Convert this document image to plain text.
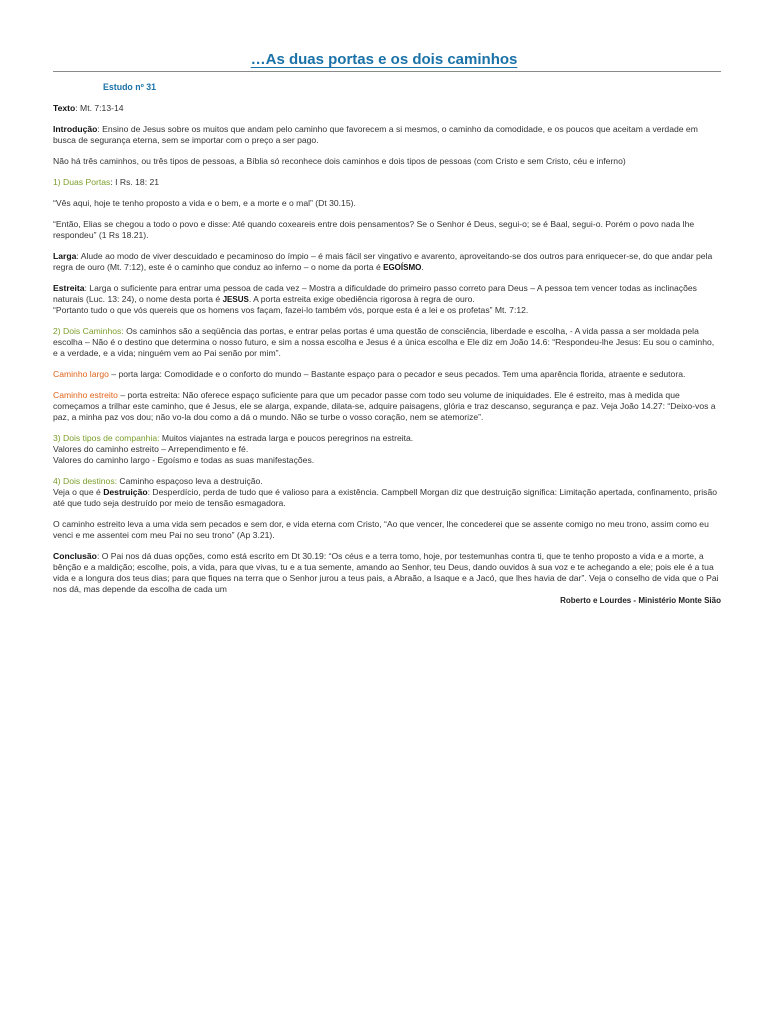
…As duas portas e os dois caminhos

Estudo nº 31

Texto: Mt. 7:13-14

Introdução: Ensino de Jesus sobre os muitos que andam pelo caminho que favorecem a si mesmos, o caminho da comodidade, e os poucos que aceitam a verdade em busca de segurança eterna, sem se importar com o preço a ser pago.

Não há três caminhos, ou três tipos de pessoas, a Bíblia só reconhece dois caminhos e dois tipos de pessoas (com Cristo e sem Cristo, céu e inferno)

1) Duas Portas: I Rs. 18: 21

“Vês aqui, hoje te tenho proposto a vida e o bem, e a morte e o mal” (Dt 30.15).

“Então, Elias se chegou a todo o povo e disse: Até quando coxeareis entre dois pensamentos? Se o Senhor é Deus, segui-o; se é Baal, segui-o. Porém o povo nada lhe respondeu” (1 Rs 18.21).

Larga: Alude ao modo de viver descuidado e pecaminoso do ímpio – é mais fácil ser vingativo e avarento, aproveitando-se dos outros para enriquecer-se, do que andar pela regra de ouro (Mt. 7:12), este é o caminho que conduz ao inferno – o nome da porta é EGOÍSMO.

Estreita: Larga o suficiente para entrar uma pessoa de cada vez – Mostra a dificuldade do primeiro passo correto para Deus – A pessoa tem vencer todas as inclinações naturais (Luc. 13: 24), o nome desta porta é JESUS. A porta estreita exige obediência rigorosa à regra de ouro.
“Portanto tudo o que vós quereis que os homens vos façam, fazei-lo também vós, porque esta é a lei e os profetas” Mt. 7:12.

2) Dois Caminhos: Os caminhos são a seqüência das portas, e entrar pelas portas é uma questão de consciência, liberdade e escolha, - A vida passa a ser moldada pela escolha – Não é o destino que determina o nosso futuro, e sim a nossa escolha e Jesus é a única escolha e Ele diz em João 14.6: “Respondeu-lhe Jesus: Eu sou o caminho, e a verdade, e a vida; ninguém vem ao Pai senão por mim”.

Caminho largo – porta larga: Comodidade e o conforto do mundo – Bastante espaço para o pecador e seus pecados. Tem uma aparência florida, atraente e sedutora.

Caminho estreito – porta estreita: Não oferece espaço suficiente para que um pecador passe com todo seu volume de iniquidades. Ele é estreito, mas à medida que começamos a trilhar este caminho, que é Jesus, ele se alarga, expande, dilata-se, adquire paisagens, glória e traz descanso, segurança e paz. Veja João 14.27: “Deixo-vos a paz, a minha paz vos dou; não vo-la dou como a dá o mundo. Não se turbe o vosso coração, nem se atemorize”.

3) Dois tipos de companhia: Muitos viajantes na estrada larga e poucos peregrinos na estreita.
Valores do caminho estreito – Arrependimento e fé.
Valores do caminho largo - Egoísmo e todas as suas manifestações.

4) Dois destinos: Caminho espaçoso leva a destruição.
Veja o que é Destruição: Desperdício, perda de tudo que é valioso para a existência. Campbell Morgan diz que destruição significa: Limitação apertada, confinamento, prisão até que tudo seja destruído por meio de tensão esmagadora.

O caminho estreito leva a uma vida sem pecados e sem dor, e vida eterna com Cristo, “Ao que vencer, lhe concederei que se assente comigo no meu trono, assim como eu venci e me assentei com meu Pai no seu trono” (Ap 3.21).

Conclusão: O Pai nos dá duas opções, como está escrito em Dt 30.19: “Os céus e a terra tomo, hoje, por testemunhas contra ti, que te tenho proposto a vida e a morte, a bênção e a maldição; escolhe, pois, a vida, para que vivas, tu e a tua semente, amando ao Senhor, teu Deus, dando ouvidos à sua voz e te achegando a ele; pois ele é a tua vida e a longura dos teus dias; para que fiques na terra que o Senhor jurou a teus pais, a Abraão, a Isaque e a Jacó, que lhes havia de dar”. Veja o conselho de vida que o Pai nos dá, mas depende da escolha de cada um

Roberto e Lourdes - Ministério Monte Sião
